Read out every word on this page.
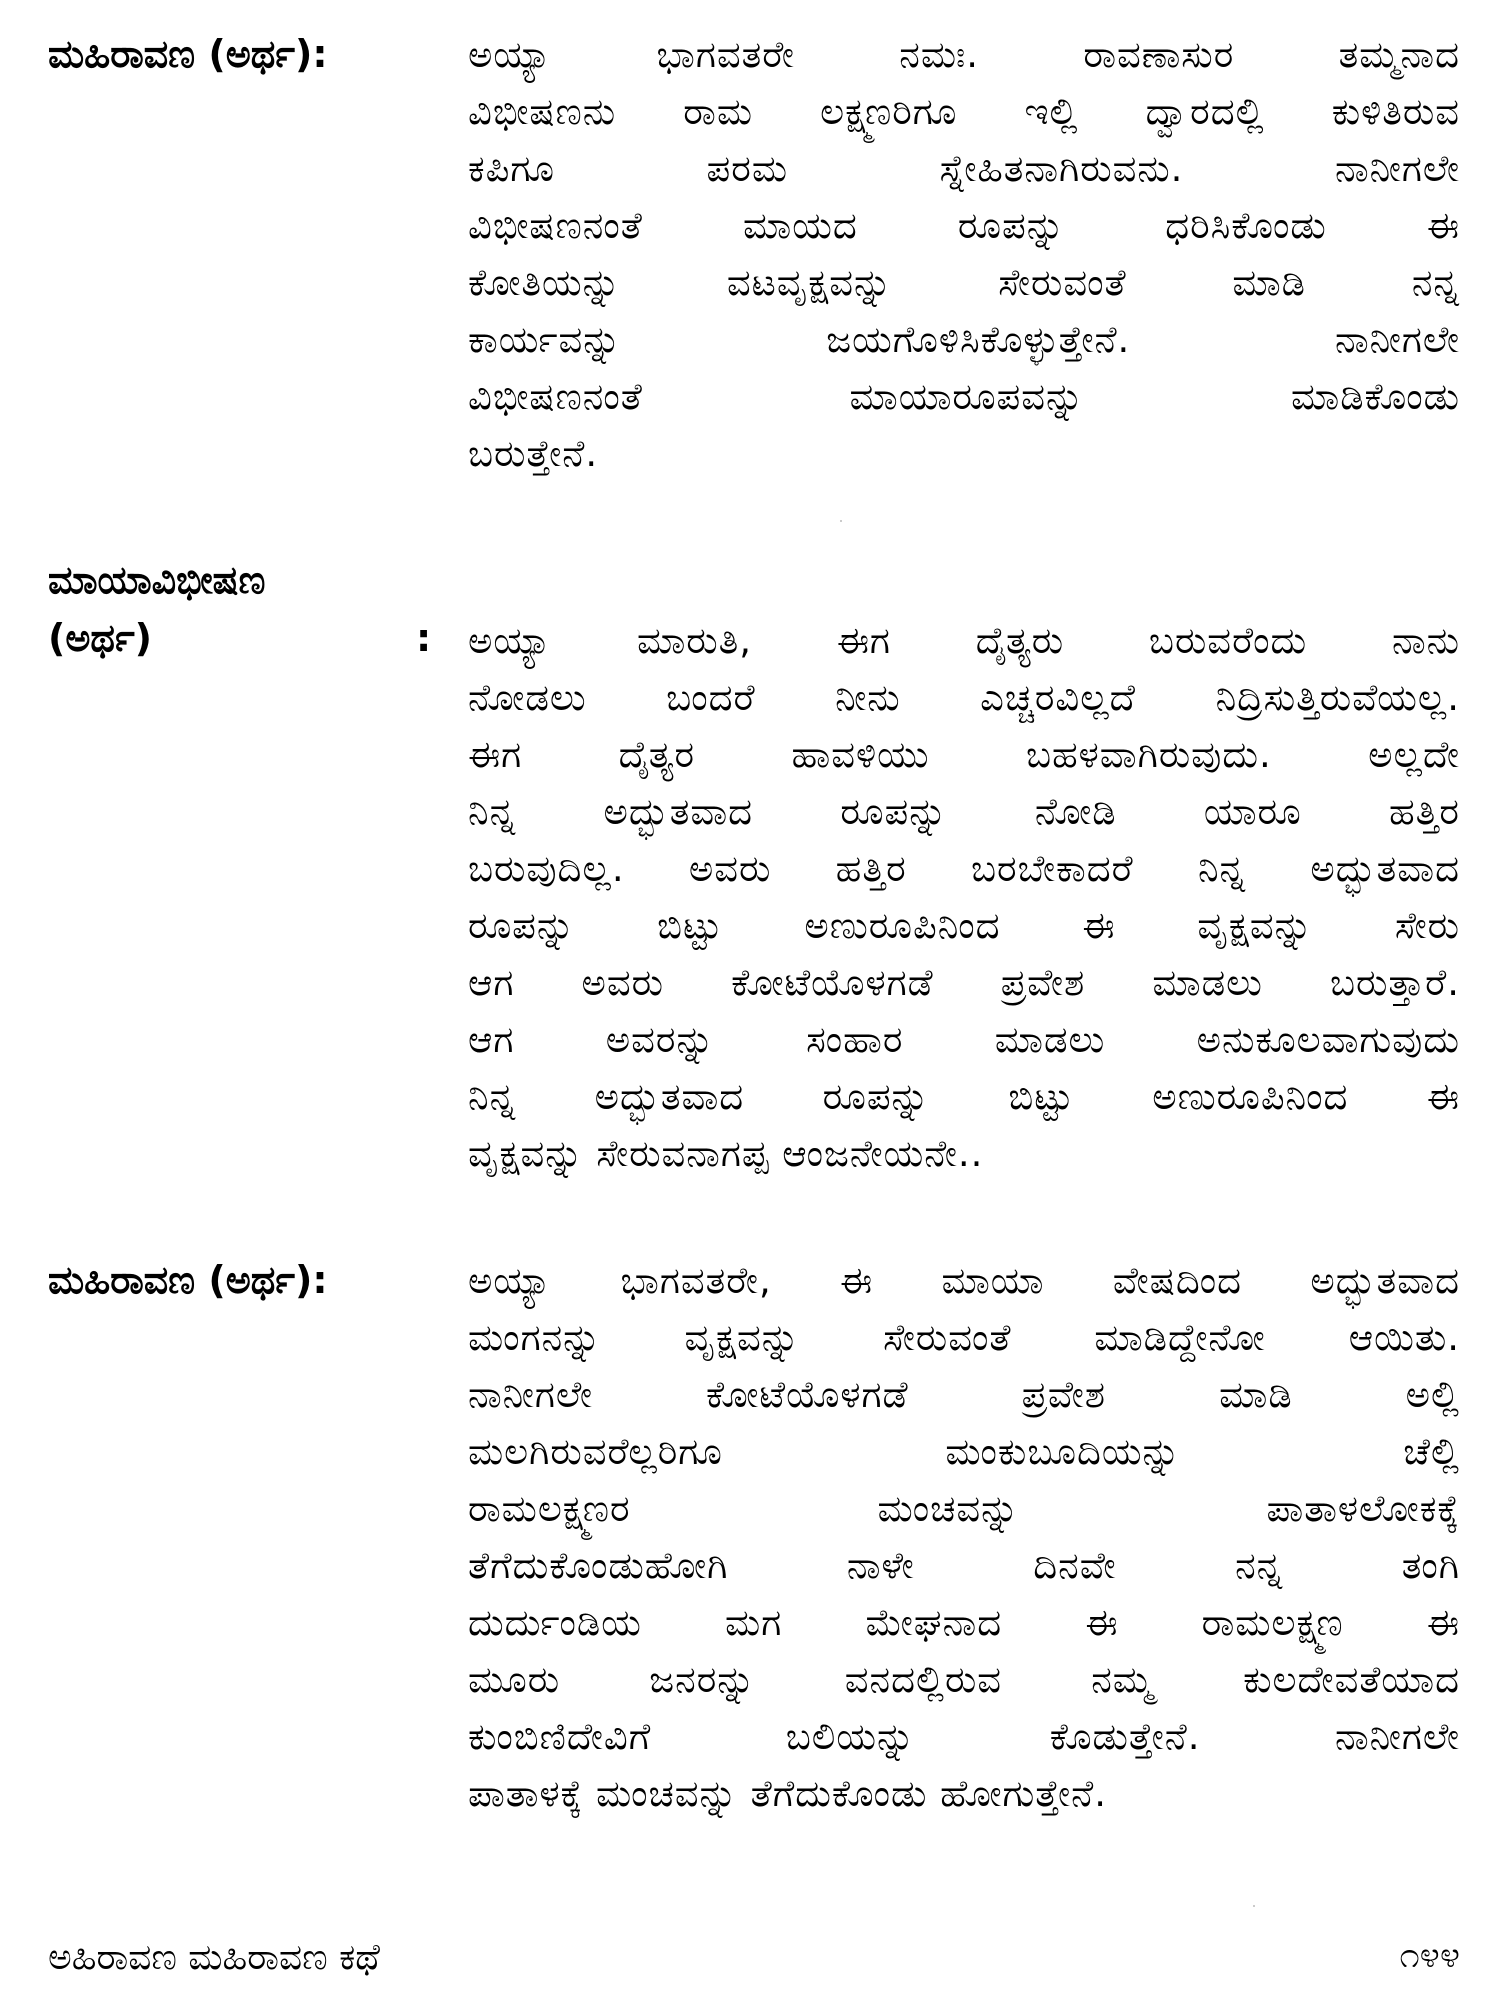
ಮಹಿರಾವಣ (ಅರ್ಥ):	ಅಯ್ಯಾ ಭಾಗವತರೇ ನಮಃ. ರಾವಣಾಸುರ ತಮ್ಮನಾದ
ವಿಭೀಷಣನು ರಾಮ ಲಕ್ಷ್ಮಣರಿಗೂ ಇಲ್ಲಿ ದ್ವಾರದಲ್ಲಿ ಕುಳಿತಿರುವ
ಕಪಿಗೂ ಪರಮ ಸ್ನೇಹಿತನಾಗಿರುವನು. ನಾನೀಗಲೇ
ವಿಭೀಷಣನಂತೆ ಮಾಯದ ರೂಪನ್ನು ಧರಿಸಿಕೊಂಡು ಈ
ಕೋತಿಯನ್ನು ವಟವೃಕ್ಷವನ್ನು ಸೇರುವಂತೆ ಮಾಡಿ ನನ್ನ
ಕಾರ್ಯವನ್ನು ಜಯಗೊಳಿಸಿಕೊಳ್ಳುತ್ತೇನೆ. ನಾನೀಗಲೇ
ವಿಭೀಷಣನಂತೆ ಮಾಯಾರೂಪವನ್ನು ಮಾಡಿಕೊಂಡು
ಬರುತ್ತೇನೆ.
ಮಾಯಾವಿಭೀಷಣ
(ಅರ್ಥ)	: ಅಯ್ಯಾ ಮಾರುತಿ, ಈಗ ದೈತ್ಯರು ಬರುವರೆಂದು ನಾನು
ನೋಡಲು ಬಂದರೆ ನೀನು ಎಚ್ಚರವಿಲ್ಲದೆ ನಿದ್ರಿಸುತ್ತಿರುವೆಯಲ್ಲ.
ಈಗ ದೈತ್ಯರ ಹಾವಳಿಯು ಬಹಳವಾಗಿರುವುದು. ಅಲ್ಲದೇ
ನಿನ್ನ ಅದ್ಭುತವಾದ ರೂಪನ್ನು ನೋಡಿ ಯಾರೂ ಹತ್ತಿರ
ಬರುವುದಿಲ್ಲ. ಅವರು ಹತ್ತಿರ ಬರಬೇಕಾದರೆ ನಿನ್ನ ಅದ್ಭುತವಾದ
ರೂಪನ್ನು ಬಿಟ್ಟು ಅಣುರೂಪಿನಿಂದ ಈ ವೃಕ್ಷವನ್ನು ಸೇರು
ಆಗ ಅವರು ಕೋಟೆಯೊಳಗಡೆ ಪ್ರವೇಶ ಮಾಡಲು ಬರುತ್ತಾರೆ.
ಆಗ ಅವರನ್ನು ಸಂಹಾರ ಮಾಡಲು ಅನುಕೂಲವಾಗುವುದು
ನಿನ್ನ ಅದ್ಭುತವಾದ ರೂಪನ್ನು ಬಿಟ್ಟು ಅಣುರೂಪಿನಿಂದ ಈ
ವೃಕ್ಷವನ್ನು ಸೇರುವನಾಗಪ್ಪ ಆಂಜನೇಯನೇ..
ಮಹಿರಾವಣ (ಅರ್ಥ):	ಅಯ್ಯಾ ಭಾಗವತರೇ, ಈ ಮಾಯಾ ವೇಷದಿಂದ ಅದ್ಭುತವಾದ
ಮಂಗನನ್ನು ವೃಕ್ಷವನ್ನು ಸೇರುವಂತೆ ಮಾಡಿದ್ದೇನೋ ಆಯಿತು.
ನಾನೀಗಲೇ ಕೋಟೆಯೊಳಗಡೆ ಪ್ರವೇಶ ಮಾಡಿ ಅಲ್ಲಿ
ಮಲಗಿರುವರೆಲ್ಲರಿಗೂ ಮಂಕುಬೂದಿಯನ್ನು ಚೆಲ್ಲಿ
ರಾಮಲಕ್ಷ್ಮಣರ ಮಂಚವನ್ನು ಪಾತಾಳಲೋಕಕ್ಕೆ
ತೆಗೆದುಕೊಂಡುಹೋಗಿ ನಾಳೇ ದಿನವೇ ನನ್ನ ತಂಗಿ
ದುರ್ದುಂಡಿಯ ಮಗ ಮೇಘನಾದ ಈ ರಾಮಲಕ್ಷ್ಮಣ ಈ
ಮೂರು ಜನರನ್ನು ವನದಲ್ಲಿರುವ ನಮ್ಮ ಕುಲದೇವತೆಯಾದ
ಕುಂಬಿಣಿದೇವಿಗೆ ಬಲಿಯನ್ನು ಕೊಡುತ್ತೇನೆ. ನಾನೀಗಲೇ
ಪಾತಾಳಕ್ಕೆ ಮಂಚವನ್ನು ತೆಗೆದುಕೊಂಡು ಹೋಗುತ್ತೇನೆ.
ಅಹಿರಾವಣ ಮಹಿರಾವಣ ಕಥೆ	೧೪೪
